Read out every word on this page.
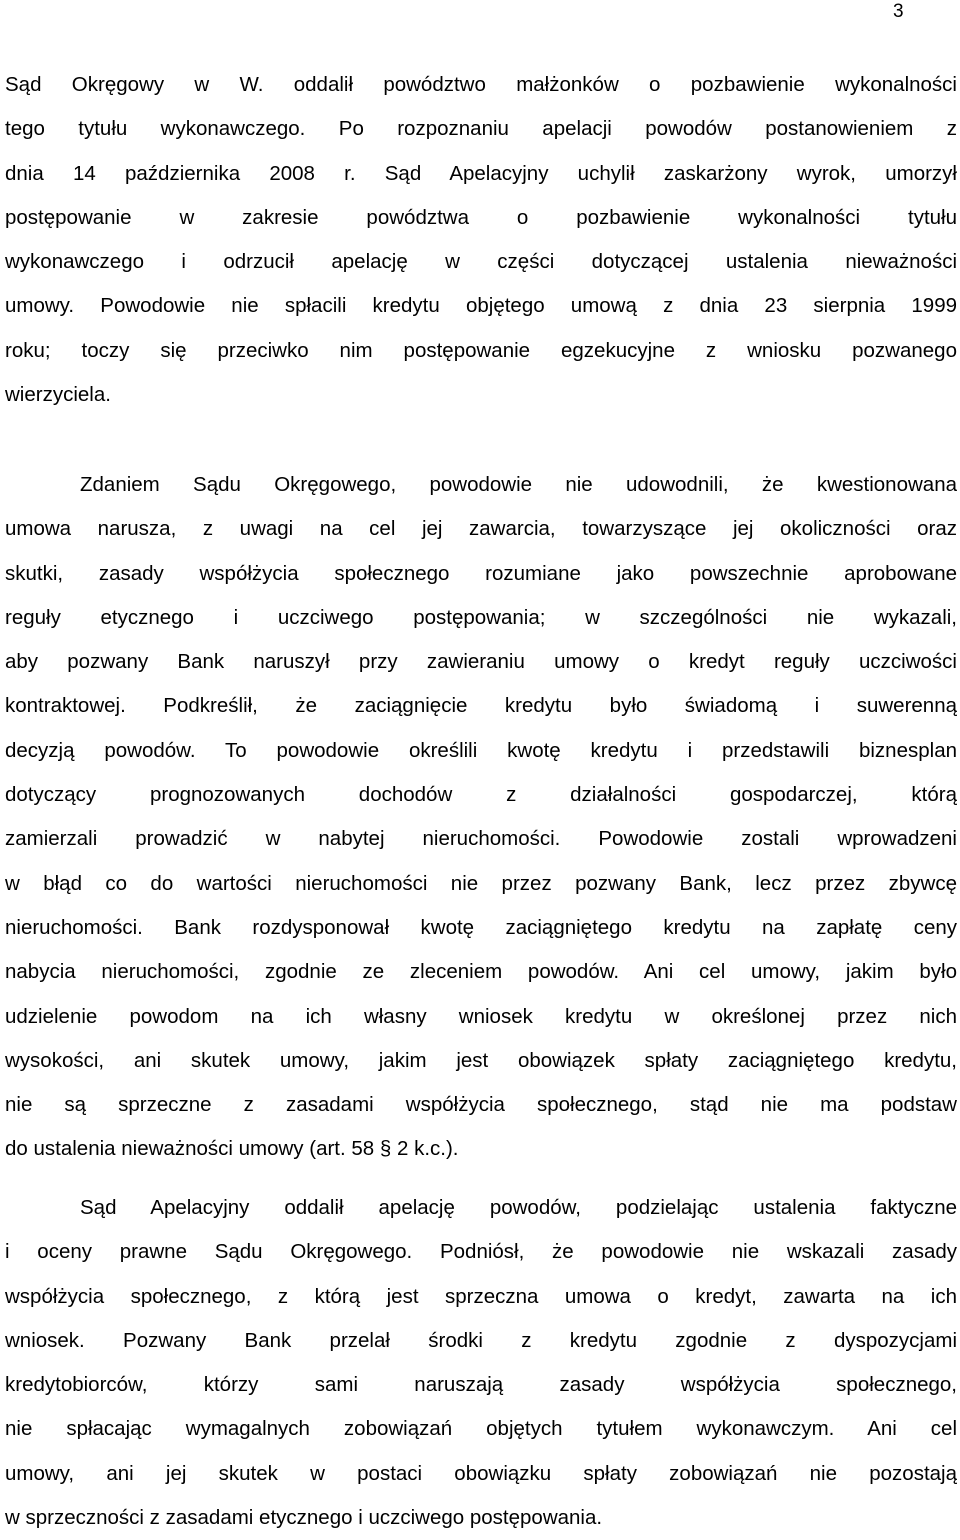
3
Sąd Okręgowy w W. oddalił powództwo małżonków o pozbawienie wykonalności
tego tytułu wykonawczego. Po rozpoznaniu apelacji powodów postanowieniem z
dnia 14 października 2008 r. Sąd Apelacyjny uchylił zaskarżony wyrok, umorzył
postępowanie w zakresie powództwa o pozbawienie wykonalności tytułu
wykonawczego i odrzucił apelację w części dotyczącej ustalenia nieważności
umowy. Powodowie nie spłacili kredytu objętego umową z dnia 23 sierpnia 1999
roku; toczy się przeciwko nim postępowanie egzekucyjne z wniosku pozwanego
wierzyciela.
Zdaniem Sądu Okręgowego, powodowie nie udowodnili, że kwestionowana
umowa narusza, z uwagi na cel jej zawarcia, towarzyszące jej okoliczności oraz
skutki, zasady współżycia społecznego rozumiane jako powszechnie aprobowane
reguły etycznego i uczciwego postępowania; w szczególności nie wykazali,
aby pozwany Bank naruszył przy zawieraniu umowy o kredyt reguły uczciwości
kontraktowej. Podkreślił, że zaciągnięcie kredytu było świadomą i suwerenną
decyzją powodów. To powodowie określili kwotę kredytu i przedstawili biznesplan
dotyczący prognozowanych dochodów z działalności gospodarczej, którą
zamierzali prowadzić w nabytej nieruchomości. Powodowie zostali wprowadzeni
w błąd co do wartości nieruchomości nie przez pozwany Bank, lecz przez zbywcę
nieruchomości. Bank rozdysponował kwotę zaciągniętego kredytu na zapłatę ceny
nabycia nieruchomości, zgodnie ze zleceniem powodów. Ani cel umowy, jakim było
udzielenie powodom na ich własny wniosek kredytu w określonej przez nich
wysokości, ani skutek umowy, jakim jest obowiązek spłaty zaciągniętego kredytu,
nie są sprzeczne z zasadami współżycia społecznego, stąd nie ma podstaw
do ustalenia nieważności umowy (art. 58 § 2 k.c.).
Sąd Apelacyjny oddalił apelację powodów, podzielając ustalenia faktyczne
i oceny prawne Sądu Okręgowego. Podniósł, że powodowie nie wskazali zasady
współżycia społecznego, z którą jest sprzeczna umowa o kredyt, zawarta na ich
wniosek. Pozwany Bank przelał środki z kredytu zgodnie z dyspozycjami
kredytobiorców, którzy sami naruszają zasady współżycia społecznego,
nie spłacając wymagalnych zobowiązań objętych tytułem wykonawczym. Ani cel
umowy, ani jej skutek w postaci obowiązku spłaty zobowiązań nie pozostają
w sprzeczności z zasadami etycznego i uczciwego postępowania.
